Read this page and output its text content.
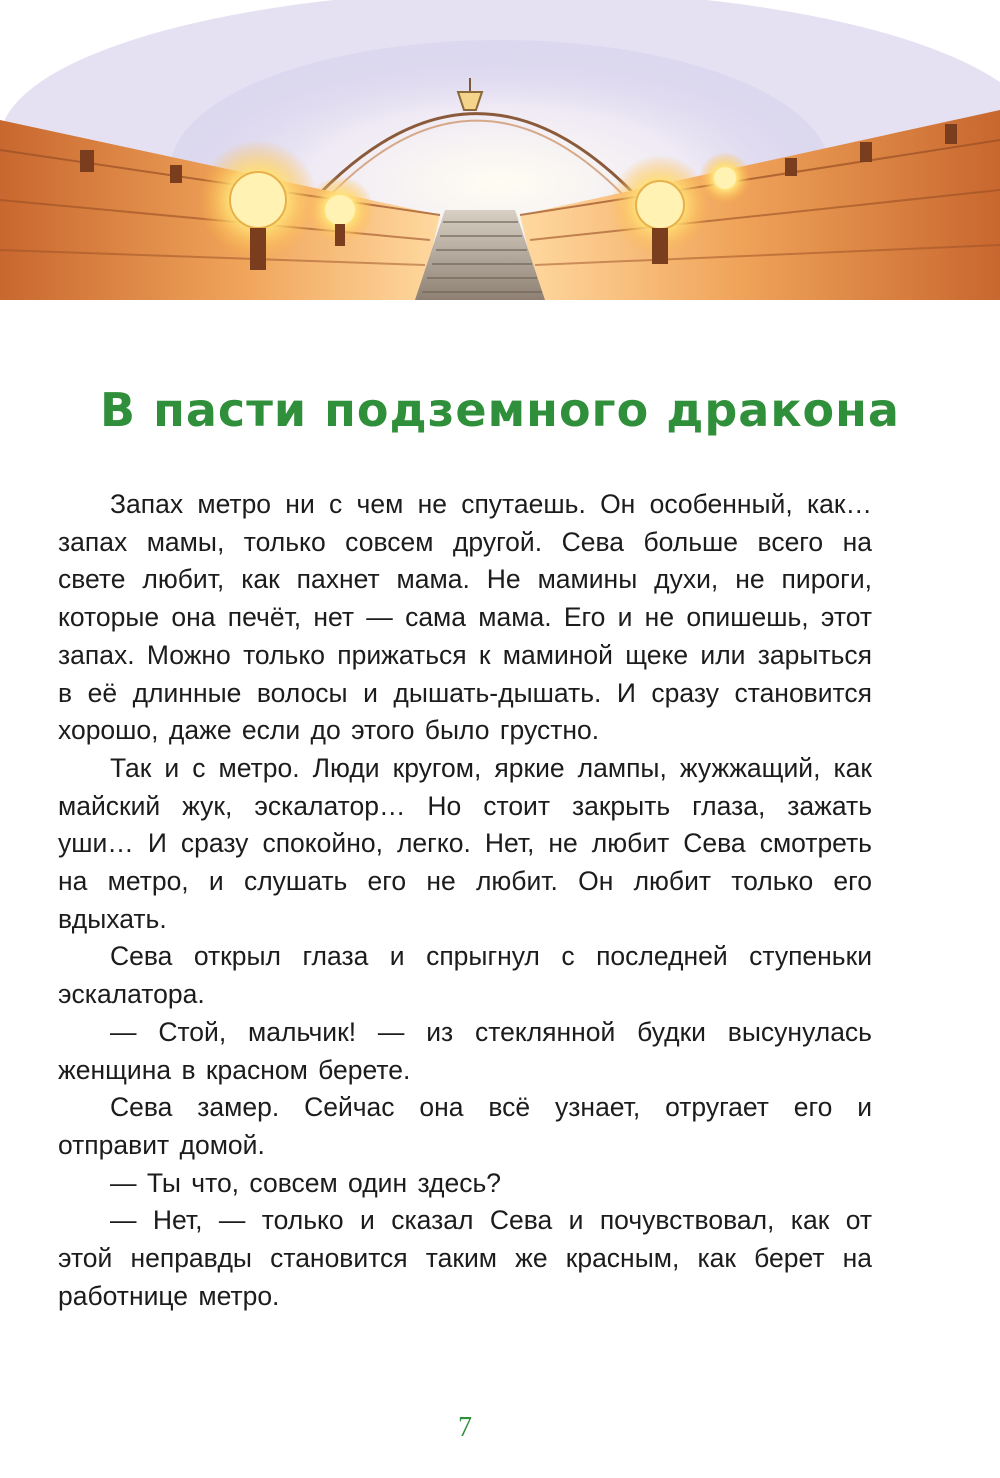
В пасти подземного дракона

Запах метро ни с чем не спутаешь. Он особенный, как… запах мамы, только совсем другой. Сева больше всего на свете любит, как пахнет мама. Не мамины духи, не пироги, которые она печёт, нет — сама мама. Его и не опишешь, этот запах. Можно только прижаться к маминой щеке или зарыться в её длинные волосы и дышать-дышать. И сразу становится хорошо, даже если до этого было грустно.

Так и с метро. Люди кругом, яркие лампы, жужжащий, как майский жук, эскалатор… Но стоит закрыть глаза, зажать уши… И сразу спокойно, легко. Нет, не любит Сева смотреть на метро, и слушать его не любит. Он любит только его вдыхать.

Сева открыл глаза и спрыгнул с последней ступеньки эскалатора.

— Стой, мальчик! — из стеклянной будки высунулась женщина в красном берете.

Сева замер. Сейчас она всё узнает, отругает его и отправит домой.

— Ты что, совсем один здесь?

— Нет, — только и сказал Сева и почувствовал, как от этой неправды становится таким же красным, как берет на работнице метро.

7
